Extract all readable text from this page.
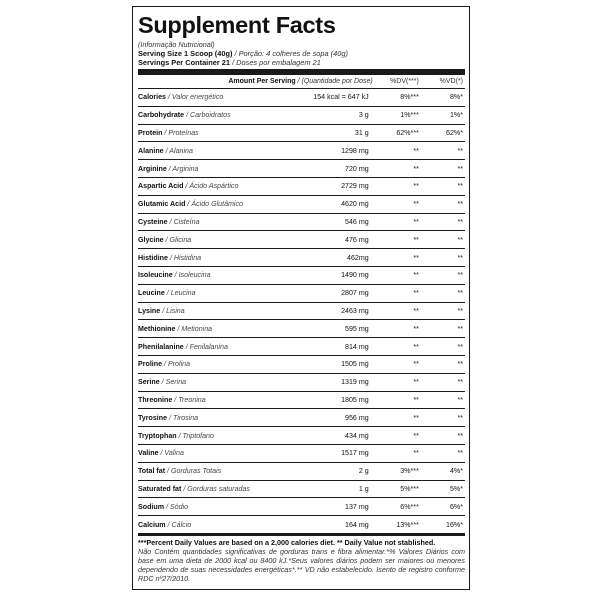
Supplement Facts
(Informação Nutricional)
Serving Size 1 Scoop (40g) / Porção: 4 colheres de sopa (40g)
Servings Per Container 21 / Doses por embalagem 21
Amount Per Serving / (Quantidade por Dose)		%DV(***)	%VD(*)
Calories / Valor energético	154 kcal = 647 kJ	8%***	8%*
Carbohydrate / Carboidratos	3 g	1%***	1%*
Protein / Proteínas	31 g	62%***	62%*
Alanine / Alanina	1298 mg	**	**
Arginine / Arginina	720 mg	**	**
Aspartic Acid / Ácido Aspártico	2729 mg	**	**
Glutamic Acid / Ácido Glutâmico	4620 mg	**	**
Cysteine / Cisteína	546 mg	**	**
Glycine / Glicina	476 mg	**	**
Histidine / Histidina	462mg	**	**
Isoleucine / Isoleucina	1490 mg	**	**
Leucine / Leucina	2807 mg	**	**
Lysine / Lisina	2463 mg	**	**
Methionine / Metionina	595 mg	**	**
Phenilalanine / Fenilalanina	814 mg	**	**
Proline / Prolina	1505 mg	**	**
Serine / Serina	1319 mg	**	**
Threonine / Treonina	1805 mg	**	**
Tyrosine / Tirosina	956 mg	**	**
Tryptophan / Triptofano	434 mg	**	**
Valine / Valina	1517 mg	**	**
Total fat / Gorduras Totais	2 g	3%***	4%*
Saturated fat / Gorduras saturadas	1 g	5%***	5%*
Sodium / Sódio	137 mg	6%***	6%*
Calcium / Cálcio	164 mg	13%***	16%*
***Percent Daily Values are based on a 2,000 calories diet. ** Daily Value not stablished.
Não Contém quantidades significativas de gorduras trans e fibra alimentar.*% Valores Diários com base em uma dieta de 2000 kcal ou 8400 kJ.*Seus valores diários podem ser maiores ou menores dependendo de suas necessidades energéticas*.** VD não estabelecido. Isento de registro conforme RDC nº27/2010.
